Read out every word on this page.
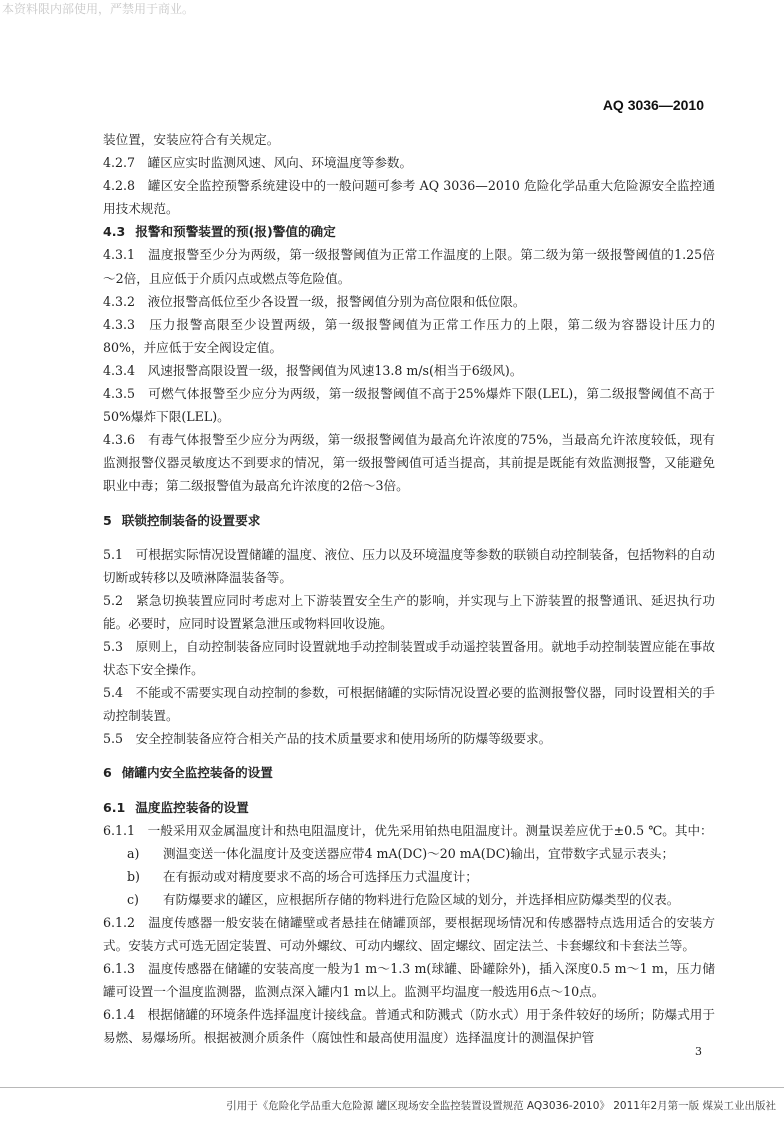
本资料限内部使用，严禁用于商业。
AQ 3036—2010

装位置，安装应符合有关规定。

4.2.7　罐区应实时监测风速、风向、环境温度等参数。

4.2.8　罐区安全监控预警系统建设中的一般问题可参考 AQ 3036—2010 危险化学品重大危险源安全监控通用技术规范。

4.3 报警和预警装置的预(报)警值的确定

4.3.1　温度报警至少分为两级，第一级报警阈值为正常工作温度的上限。第二级为第一级报警阈值的1.25倍～2倍，且应低于介质闪点或燃点等危险值。

4.3.2　液位报警高低位至少各设置一级，报警阈值分别为高位限和低位限。

4.3.3　压力报警高限至少设置两级，第一级报警阈值为正常工作压力的上限，第二级为容器设计压力的80%，并应低于安全阀设定值。

4.3.4　风速报警高限设置一级，报警阈值为风速13.8 m/s(相当于6级风)。

4.3.5　可燃气体报警至少应分为两级，第一级报警阈值不高于25%爆炸下限(LEL)，第二级报警阈值不高于50%爆炸下限(LEL)。

4.3.6　有毒气体报警至少应分为两级，第一级报警阈值为最高允许浓度的75%，当最高允许浓度较低，现有监测报警仪器灵敏度达不到要求的情况，第一级报警阈值可适当提高，其前提是既能有效监测报警，又能避免职业中毒；第二级报警值为最高允许浓度的2倍～3倍。

5 联锁控制装备的设置要求

5.1　可根据实际情况设置储罐的温度、液位、压力以及环境温度等参数的联锁自动控制装备，包括物料的自动切断或转移以及喷淋降温装备等。

5.2　紧急切换装置应同时考虑对上下游装置安全生产的影响，并实现与上下游装置的报警通讯、延迟执行功能。必要时，应同时设置紧急泄压或物料回收设施。

5.3　原则上，自动控制装备应同时设置就地手动控制装置或手动遥控装置备用。就地手动控制装置应能在事故状态下安全操作。

5.4　不能或不需要实现自动控制的参数，可根据储罐的实际情况设置必要的监测报警仪器，同时设置相关的手动控制装置。

5.5　安全控制装备应符合相关产品的技术质量要求和使用场所的防爆等级要求。

6 储罐内安全监控装备的设置

6.1 温度监控装备的设置

6.1.1　一般采用双金属温度计和热电阻温度计，优先采用铂热电阻温度计。测量误差应优于±0.5 ℃。其中：

a)	测温变送一体化温度计及变送器应带4 mA(DC)～20 mA(DC)输出，宜带数字式显示表头；
b)	在有振动或对精度要求不高的场合可选择压力式温度计；
c)	有防爆要求的罐区，应根据所存储的物料进行危险区域的划分，并选择相应防爆类型的仪表。

6.1.2　温度传感器一般安装在储罐壁或者悬挂在储罐顶部，要根据现场情况和传感器特点选用适合的安装方式。安装方式可选无固定装置、可动外螺纹、可动内螺纹、固定螺纹、固定法兰、卡套螺纹和卡套法兰等。

6.1.3　温度传感器在储罐的安装高度一般为1 m～1.3 m(球罐、卧罐除外)，插入深度0.5 m～1 m，压力储罐可设置一个温度监测器，监测点深入罐内1 m以上。监测平均温度一般选用6点～10点。

6.1.4　根据储罐的环境条件选择温度计接线盒。普通式和防溅式（防水式）用于条件较好的场所；防爆式用于易燃、易爆场所。根据被测介质条件（腐蚀性和最高使用温度）选择温度计的测温保护管

3
引用于《危险化学品重大危险源 罐区现场安全监控装置设置规范 AQ3036-2010》 2011年2月第一版 煤炭工业出版社
